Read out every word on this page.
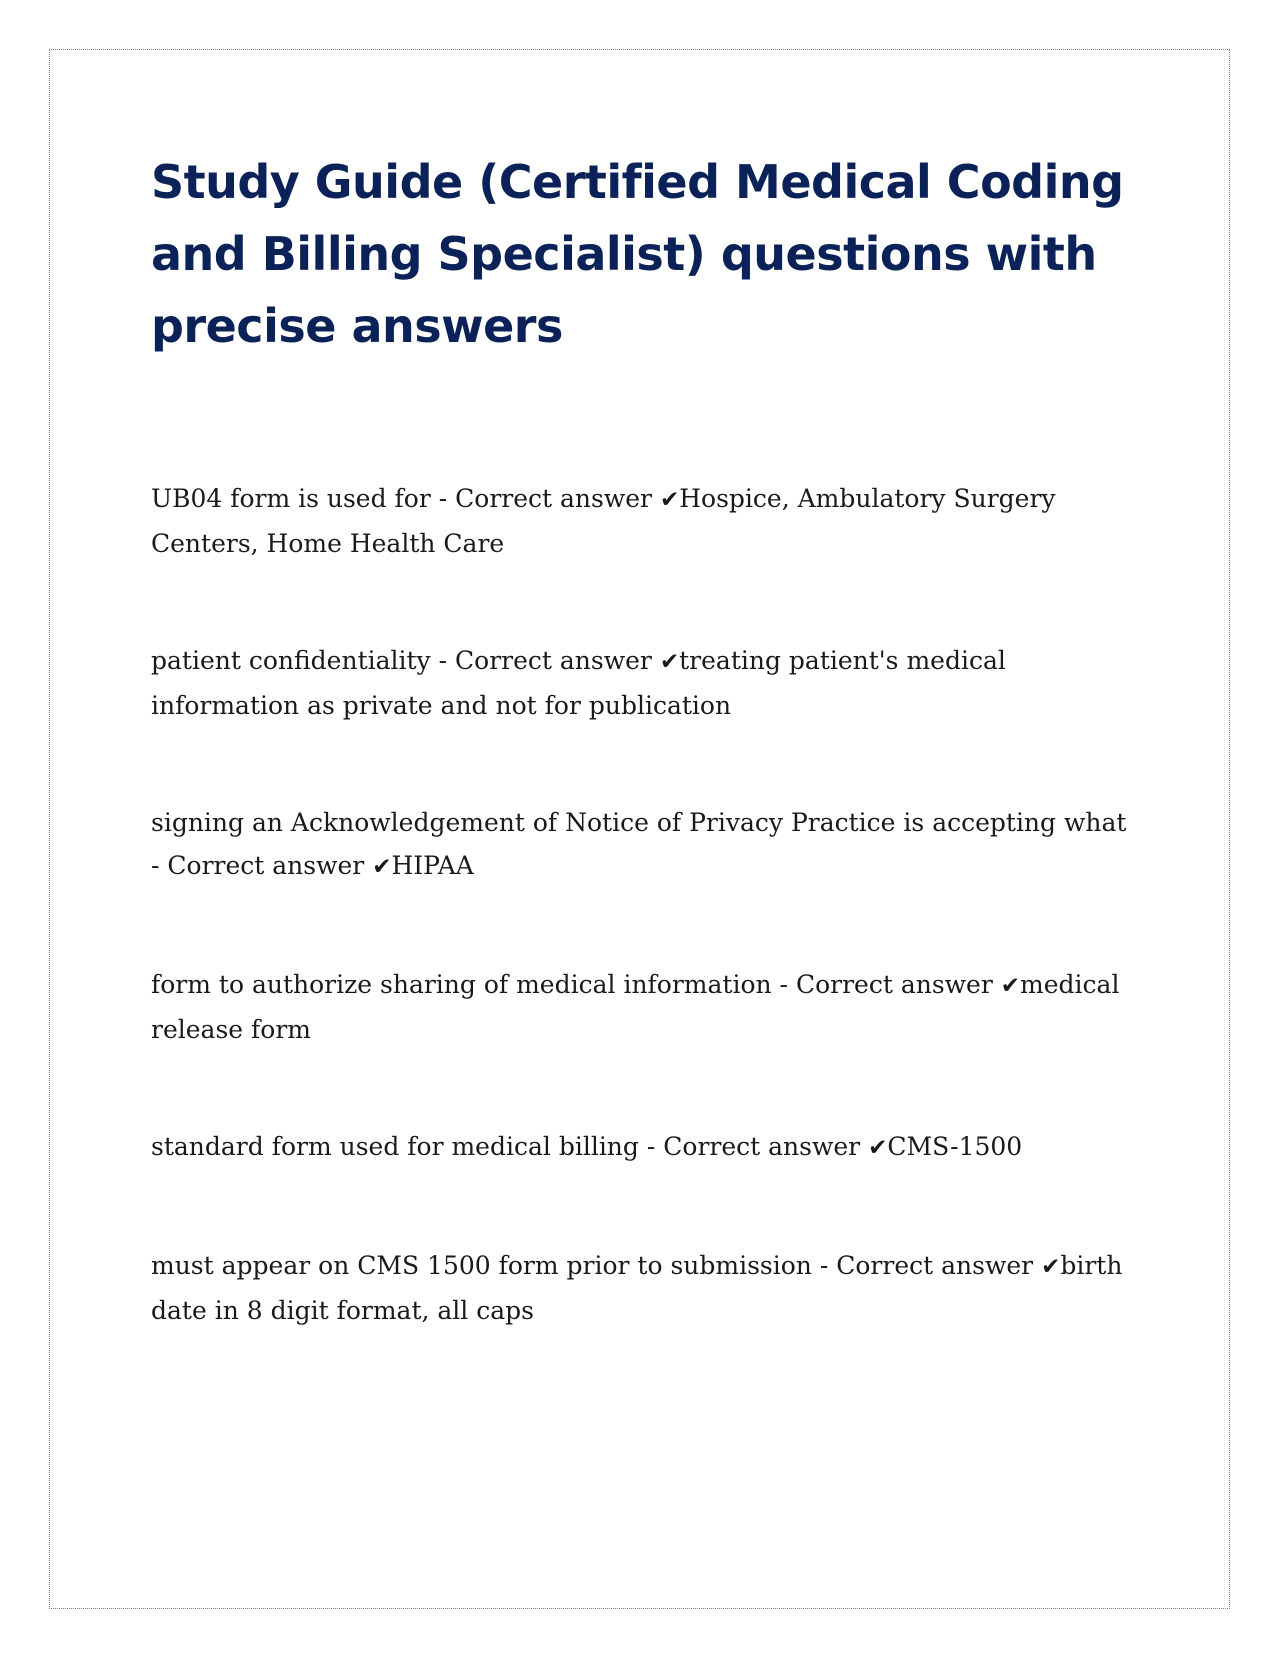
Study Guide (Certified Medical Coding and Billing Specialist) questions with precise answers

UB04 form is used for - Correct answer ✔Hospice, Ambulatory Surgery Centers, Home Health Care

patient confidentiality - Correct answer ✔treating patient's medical information as private and not for publication

signing an Acknowledgement of Notice of Privacy Practice is accepting what - Correct answer ✔HIPAA

form to authorize sharing of medical information - Correct answer ✔medical release form

standard form used for medical billing - Correct answer ✔CMS-1500

must appear on CMS 1500 form prior to submission - Correct answer ✔birth date in 8 digit format, all caps
